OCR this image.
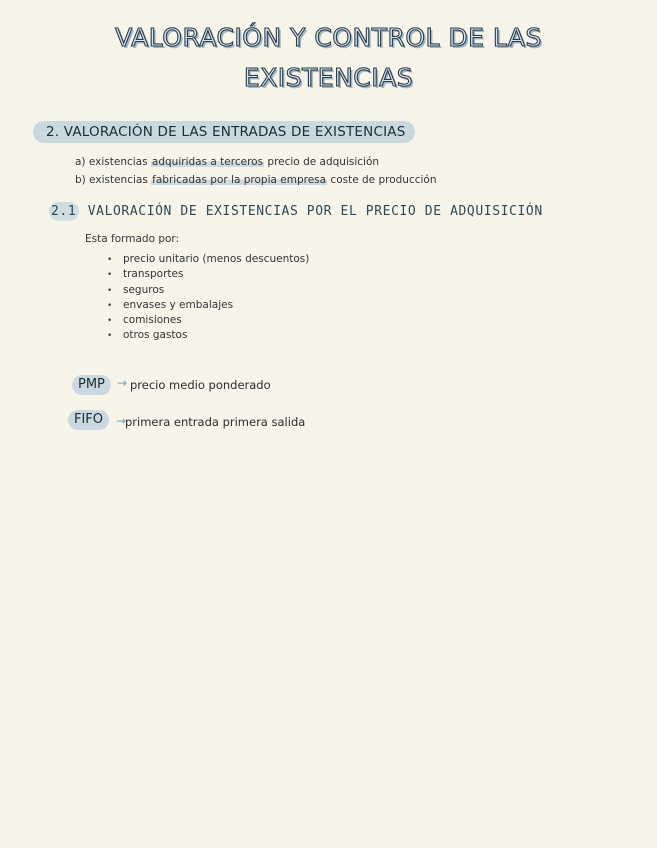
VALORACIÓN Y CONTROL DE LAS
EXISTENCIAS
2. VALORACIÓN DE LAS ENTRADAS DE EXISTENCIAS
a) existencias adquiridas a terceros precio de adquisición
b) existencias fabricadas por la propia empresa coste de producción
2.1 VALORACIÓN DE EXISTENCIAS POR EL PRECIO DE ADQUISICIÓN
Esta formado por:
• precio unitario (menos descuentos)
• transportes
• seguros
• envases y embalajes
• comisiones
• otros gastos
PMP	→ precio medio ponderado
FIFO	→
primera entrada primera salida
